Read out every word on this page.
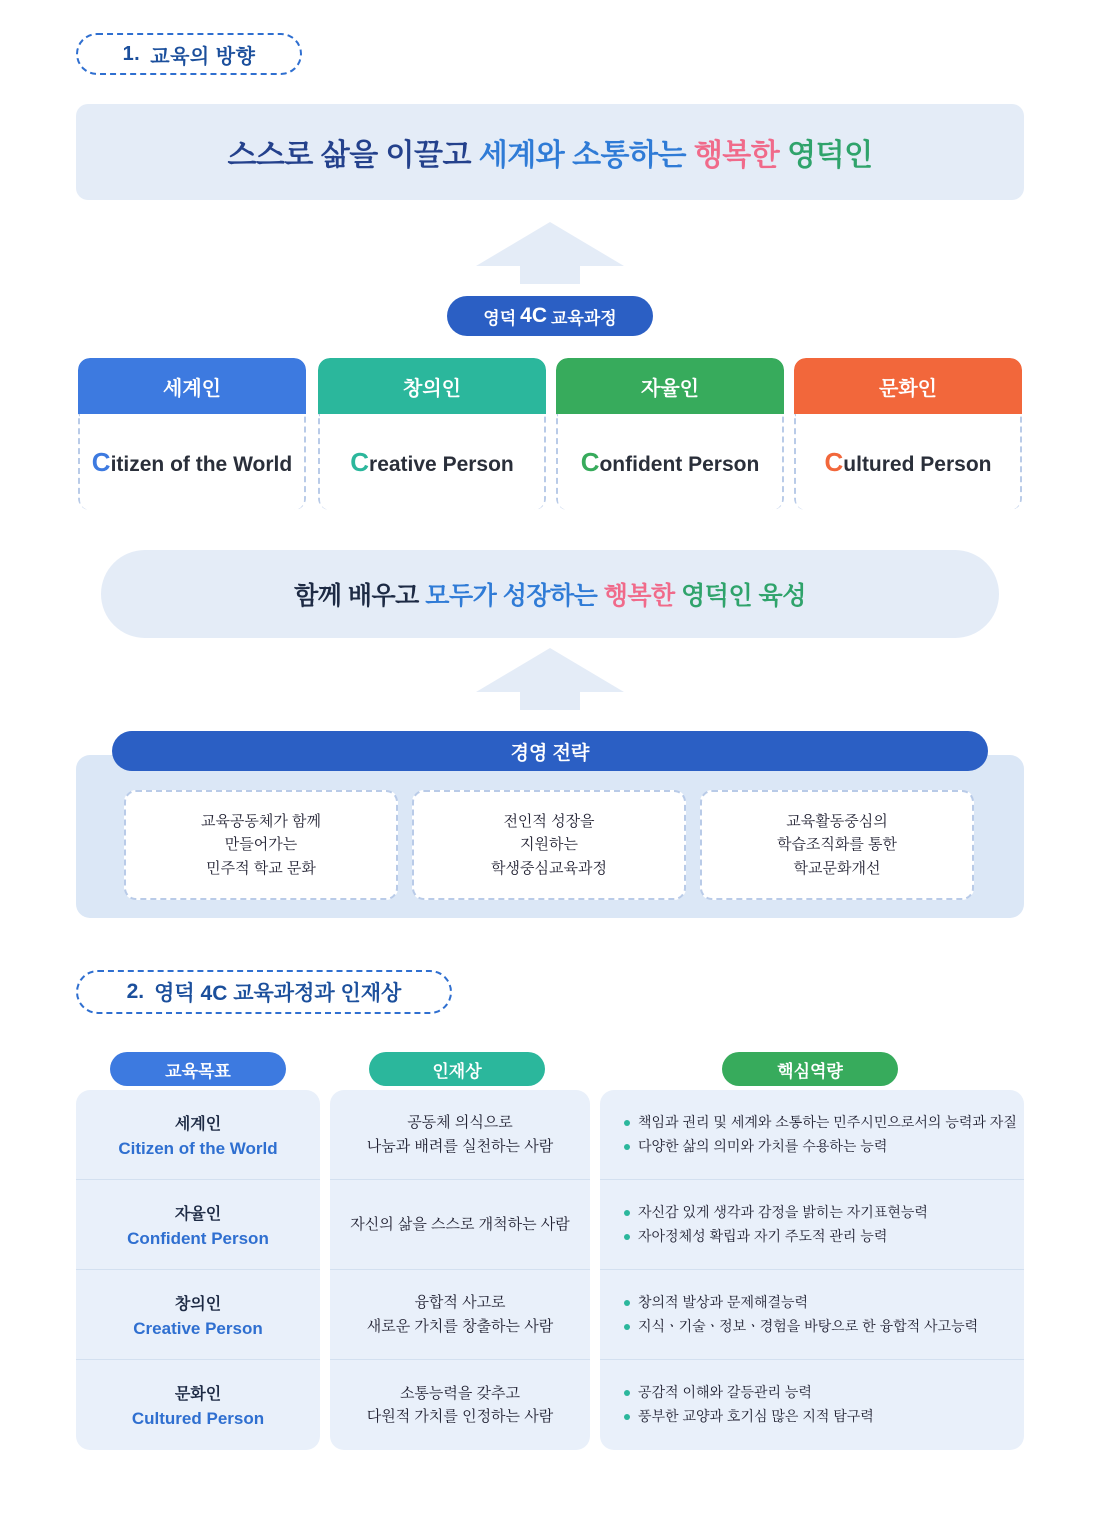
1. 교육의 방향
스스로 삶을 이끌고 세계와 소통하는 행복한 영덕인
영덕 4C 교육과정
세계인
Citizen of the World
창의인
Creative Person
자율인
Confident Person
문화인
Cultured Person
함께 배우고 모두가 성장하는 행복한 영덕인 육성
경영 전략
교육공동체가 함께
만들어가는
민주적 학교 문화
전인적 성장을
지원하는
학생중심교육과정
교육활동중심의
학습조직화를 통한
학교문화개선
2. 영덕 4C 교육과정과 인재상
교육목표	인재상	핵심역량
세계인
Citizen of the World
자율인
Confident Person
창의인
Creative Person
문화인
Cultured Person
공동체 의식으로
나눔과 배려를 실천하는 사람
자신의 삶을 스스로 개척하는 사람
융합적 사고로
새로운 가치를 창출하는 사람
소통능력을 갖추고
다원적 가치를 인정하는 사람
책임과 권리 및 세계와 소통하는 민주시민으로서의 능력과 자질
다양한 삶의 의미와 가치를 수용하는 능력
자신감 있게 생각과 감정을 밝히는 자기표현능력
자아정체성 확립과 자기 주도적 관리 능력
창의적 발상과 문제해결능력
지식ㆍ기술ㆍ정보ㆍ경험을 바탕으로 한 융합적 사고능력
공감적 이해와 갈등관리 능력
풍부한 교양과 호기심 많은 지적 탐구력
